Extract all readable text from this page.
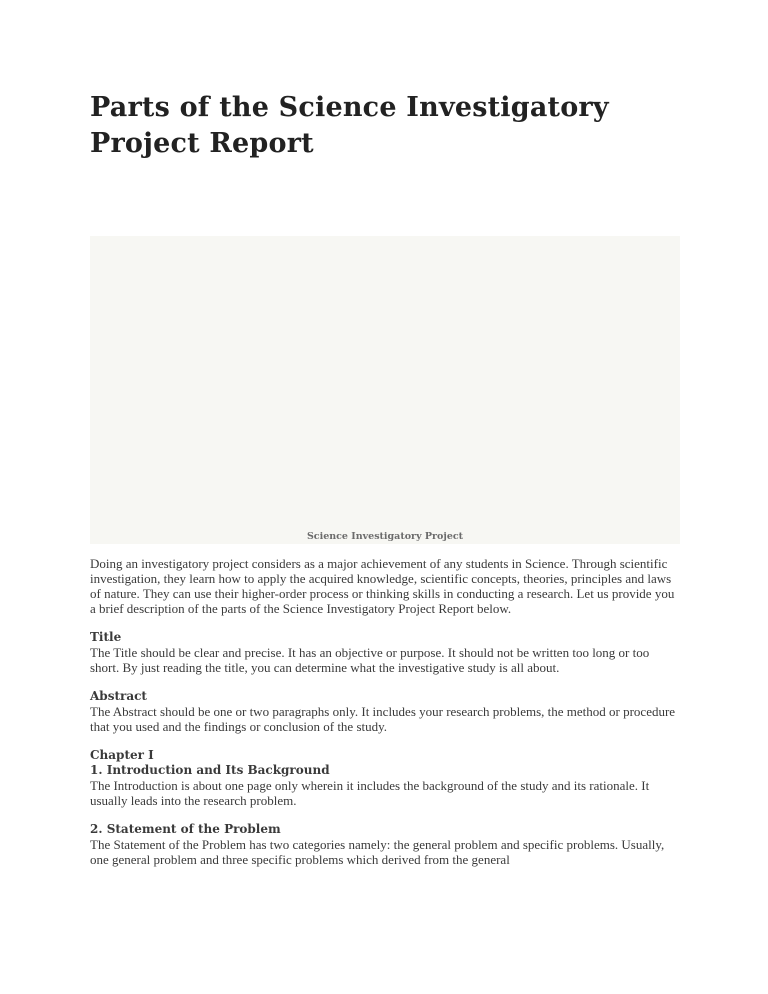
Parts of the Science Investigatory Project Report
Science Investigatory Project

Doing an investigatory project considers as a major achievement of any students in Science. Through scientific investigation, they learn how to apply the acquired knowledge, scientific concepts, theories, principles and laws of nature. They can use their higher-order process or thinking skills in conducting a research. Let us provide you a brief description of the parts of the Science Investigatory Project Report below.

Title

The Title should be clear and precise. It has an objective or purpose. It should not be written too long or too short. By just reading the title, you can determine what the investigative study is all about.

Abstract

The Abstract should be one or two paragraphs only. It includes your research problems, the method or procedure that you used and the findings or conclusion of the study.

Chapter I
1. Introduction and Its Background

The Introduction is about one page only wherein it includes the background of the study and its rationale. It usually leads into the research problem.

2. Statement of the Problem

The Statement of the Problem has two categories namely: the general problem and specific problems. Usually, one general problem and three specific problems which derived from the general
